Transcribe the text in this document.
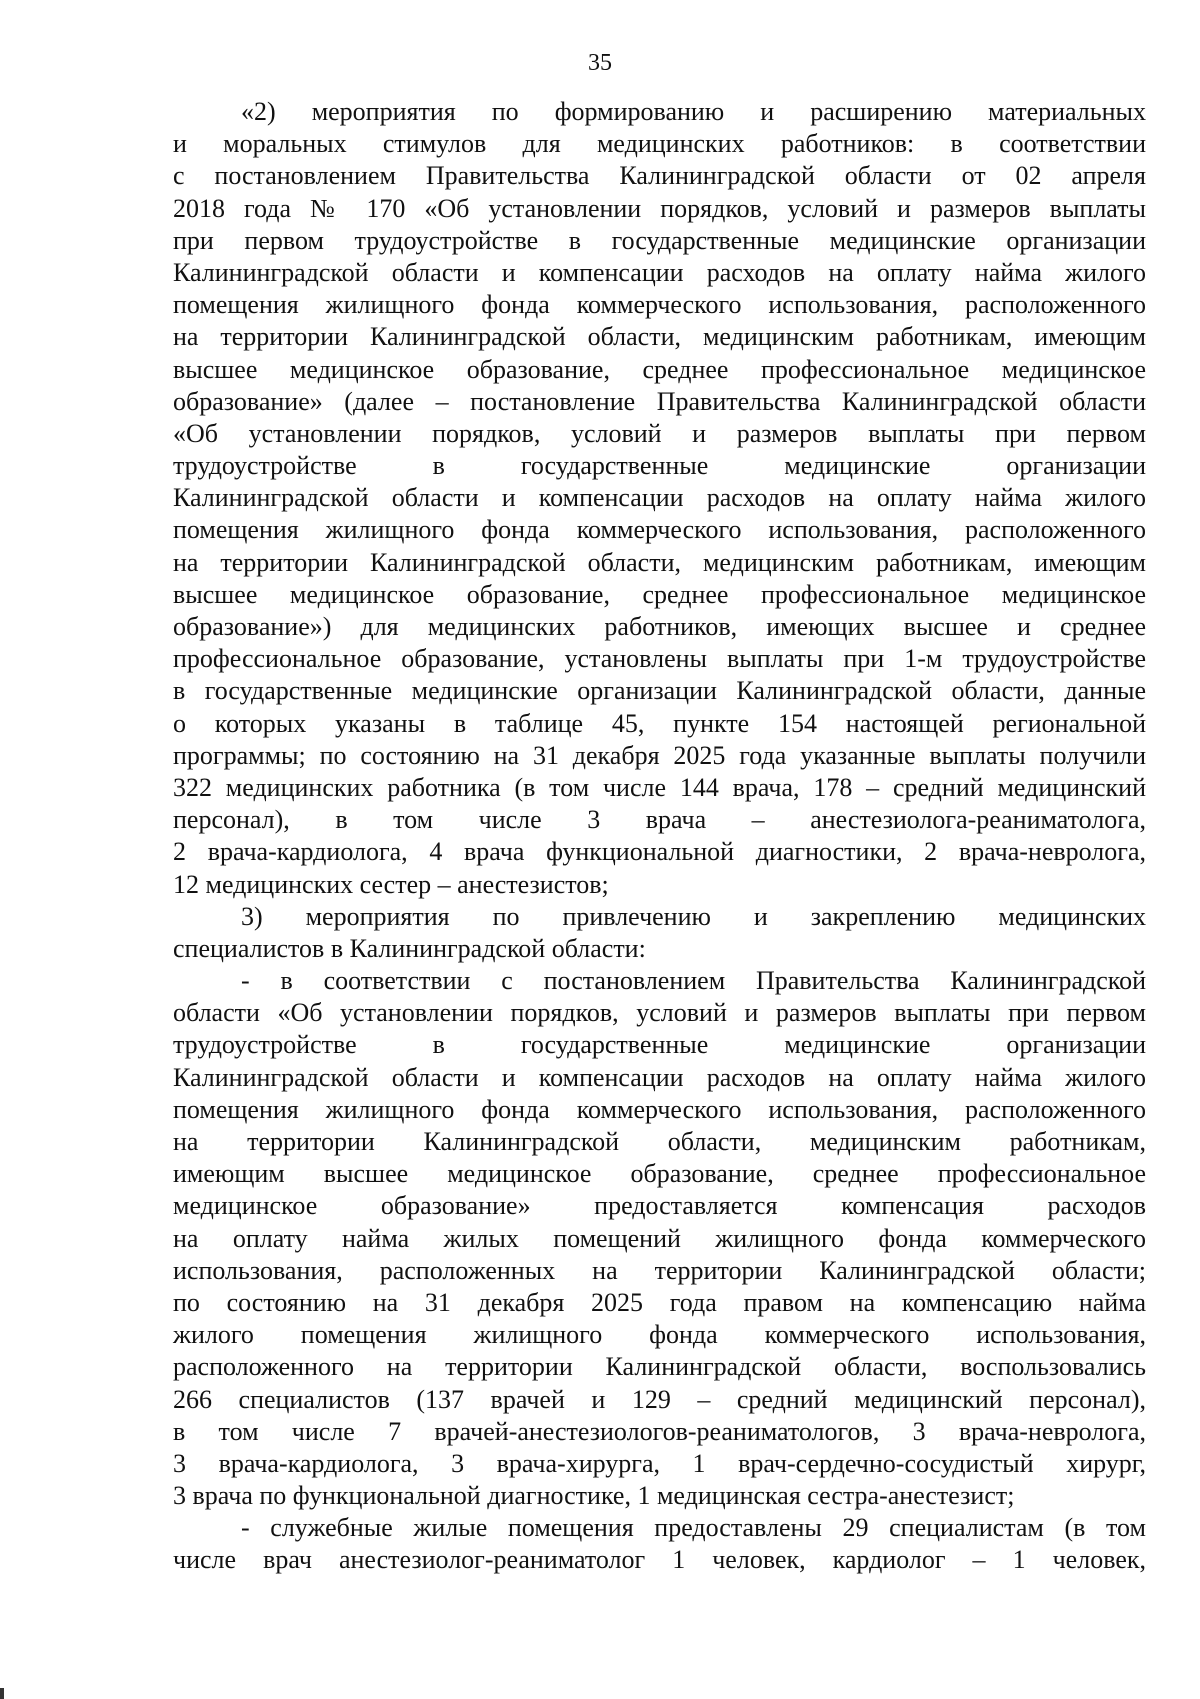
35
«2) мероприятия по формированию и расширению материальных
и моральных стимулов для медицинских работников: в соответствии
с постановлением Правительства Калининградской области от 02 апреля
2018 года № 170 «Об установлении порядков, условий и размеров выплаты
при первом трудоустройстве в государственные медицинские организации
Калининградской области и компенсации расходов на оплату найма жилого
помещения жилищного фонда коммерческого использования, расположенного
на территории Калининградской области, медицинским работникам, имеющим
высшее медицинское образование, среднее профессиональное медицинское
образование» (далее – постановление Правительства Калининградской области
«Об установлении порядков, условий и размеров выплаты при первом
трудоустройстве в государственные медицинские организации
Калининградской области и компенсации расходов на оплату найма жилого
помещения жилищного фонда коммерческого использования, расположенного
на территории Калининградской области, медицинским работникам, имеющим
высшее медицинское образование, среднее профессиональное медицинское
образование») для медицинских работников, имеющих высшее и среднее
профессиональное образование, установлены выплаты при 1-м трудоустройстве
в государственные медицинские организации Калининградской области, данные
о которых указаны в таблице 45, пункте 154 настоящей региональной
программы; по состоянию на 31 декабря 2025 года указанные выплаты получили
322 медицинских работника (в том числе 144 врача, 178 – средний медицинский
персонал), в том числе 3 врача – анестезиолога-реаниматолога,
2 врача-кардиолога, 4 врача функциональной диагностики, 2 врача-невролога,
12 медицинских сестер – анестезистов;
3) мероприятия по привлечению и закреплению медицинских
специалистов в Калининградской области:
- в соответствии с постановлением Правительства Калининградской
области «Об установлении порядков, условий и размеров выплаты при первом
трудоустройстве в государственные медицинские организации
Калининградской области и компенсации расходов на оплату найма жилого
помещения жилищного фонда коммерческого использования, расположенного
на территории Калининградской области, медицинским работникам,
имеющим высшее медицинское образование, среднее профессиональное
медицинское образование» предоставляется компенсация расходов
на оплату найма жилых помещений жилищного фонда коммерческого
использования, расположенных на территории Калининградской области;
по состоянию на 31 декабря 2025 года правом на компенсацию найма
жилого помещения жилищного фонда коммерческого использования,
расположенного на территории Калининградской области, воспользовались
266 специалистов (137 врачей и 129 – средний медицинский персонал),
в том числе 7 врачей-анестезиологов-реаниматологов, 3 врача-невролога,
3 врача-кардиолога, 3 врача-хирурга, 1 врач-сердечно-сосудистый хирург,
3 врача по функциональной диагностике, 1 медицинская сестра-анестезист;
- служебные жилые помещения предоставлены 29 специалистам (в том
числе врач анестезиолог-реаниматолог 1 человек, кардиолог – 1 человек,
